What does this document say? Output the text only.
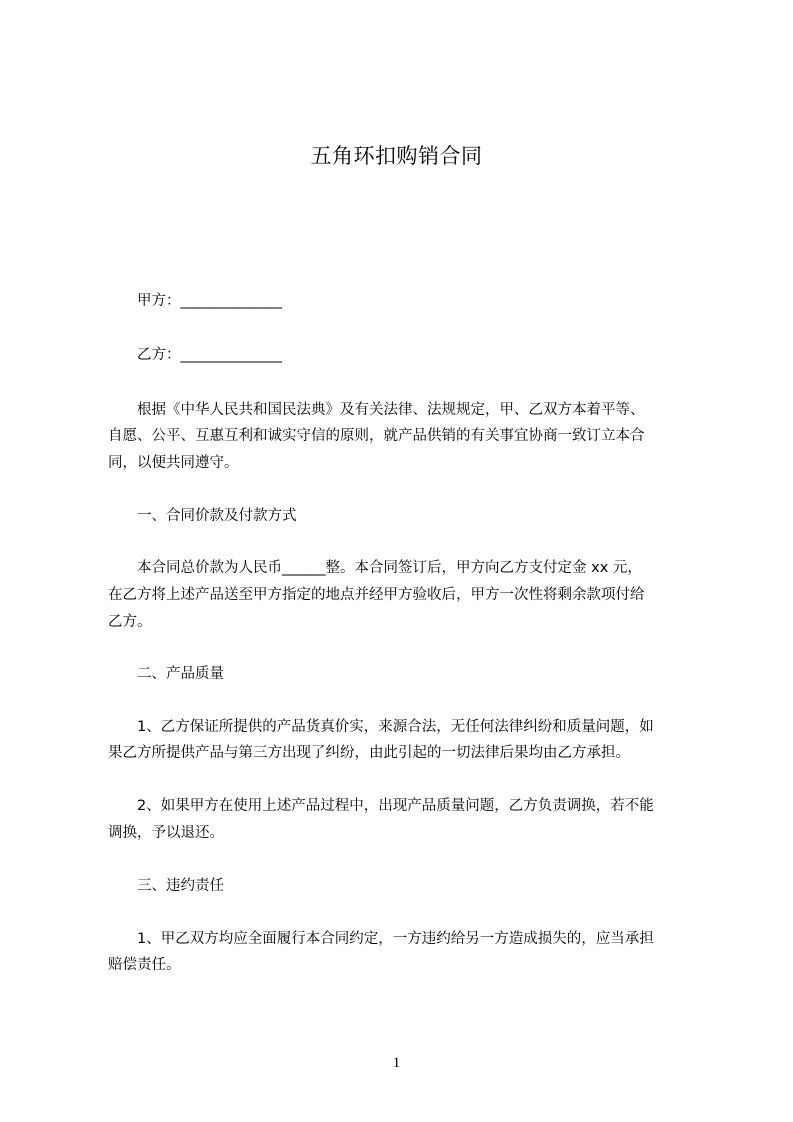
五角环扣购销合同
甲方：______________
乙方：______________
根据《中华人民共和国民法典》及有关法律、法规规定，甲、乙双方本着平等、
自愿、公平、互惠互利和诚实守信的原则，就产品供销的有关事宜协商一致订立本合
同，以便共同遵守。
一、合同价款及付款方式
本合同总价款为人民币______整。本合同签订后，甲方向乙方支付定金 xx 元，
在乙方将上述产品送至甲方指定的地点并经甲方验收后，甲方一次性将剩余款项付给
乙方。
二、产品质量
1、乙方保证所提供的产品货真价实，来源合法，无任何法律纠纷和质量问题，如
果乙方所提供产品与第三方出现了纠纷，由此引起的一切法律后果均由乙方承担。
2、如果甲方在使用上述产品过程中，出现产品质量问题，乙方负责调换，若不能
调换，予以退还。
三、违约责任
1、甲乙双方均应全面履行本合同约定，一方违约给另一方造成损失的，应当承担
赔偿责任。
1
